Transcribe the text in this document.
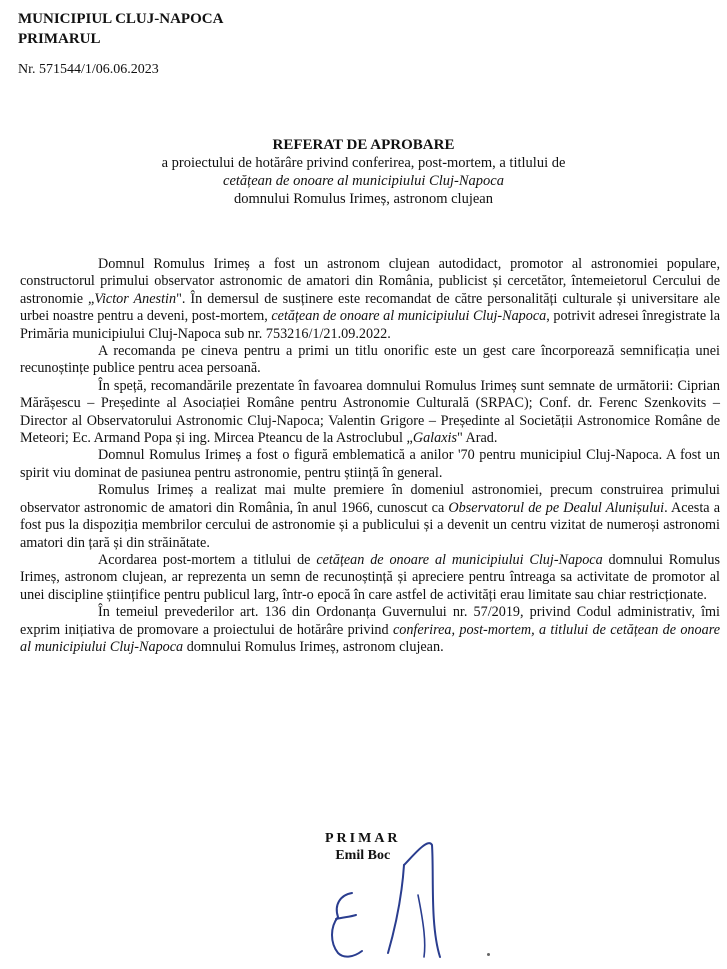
MUNICIPIUL CLUJ-NAPOCA
PRIMARUL
Nr. 571544/1/06.06.2023
REFERAT DE APROBARE
a proiectului de hotărâre privind conferirea, post-mortem, a titlului de
cetățean de onoare al municipiului Cluj-Napoca
domnului Romulus Irimeș, astronom clujean

Domnul Romulus Irimeș a fost un astronom clujean autodidact, promotor al astronomiei populare, constructorul primului observator astronomic de amatori din România, publicist și cercetător, întemeietorul Cercului de astronomie „Victor Anestin". În demersul de susținere este recomandat de către personalități culturale și universitare ale urbei noastre pentru a deveni, post-mortem, cetățean de onoare al municipiului Cluj-Napoca, potrivit adresei înregistrate la Primăria municipiului Cluj-Napoca sub nr. 753216/1/21.09.2022.

A recomanda pe cineva pentru a primi un titlu onorific este un gest care încorporează semnificația unei recunoștințe publice pentru acea persoană.

În speță, recomandările prezentate în favoarea domnului Romulus Irimeș sunt semnate de următorii: Ciprian Mărășescu – Președinte al Asociației Române pentru Astronomie Culturală (SRPAC); Conf. dr. Ferenc Szenkovits – Director al Observatorului Astronomic Cluj-Napoca; Valentin Grigore – Președinte al Societății Astronomice Române de Meteori; Ec. Armand Popa și ing. Mircea Pteancu de la Astroclubul „Galaxis" Arad.

Domnul Romulus Irimeș a fost o figură emblematică a anilor '70 pentru municipiul Cluj-Napoca. A fost un spirit viu dominat de pasiunea pentru astronomie, pentru știință în general.

Romulus Irimeș a realizat mai multe premiere în domeniul astronomiei, precum construirea primului observator astronomic de amatori din România, în anul 1966, cunoscut ca Observatorul de pe Dealul Alunișului. Acesta a fost pus la dispoziția membrilor cercului de astronomie și a publicului și a devenit un centru vizitat de numeroși astronomi amatori din țară și din străinătate.

Acordarea post-mortem a titlului de cetățean de onoare al municipiului Cluj-Napoca domnului Romulus Irimeș, astronom clujean, ar reprezenta un semn de recunoștință și apreciere pentru întreaga sa activitate de promotor al unei discipline științifice pentru publicul larg, într-o epocă în care astfel de activități erau limitate sau chiar restricționate.

În temeiul prevederilor art. 136 din Ordonanța Guvernului nr. 57/2019, privind Codul administrativ, îmi exprim inițiativa de promovare a proiectului de hotărâre privind conferirea, post-mortem, a titlului de cetățean de onoare al municipiului Cluj-Napoca domnului Romulus Irimeș, astronom clujean.

PRIMAR
Emil Boc
